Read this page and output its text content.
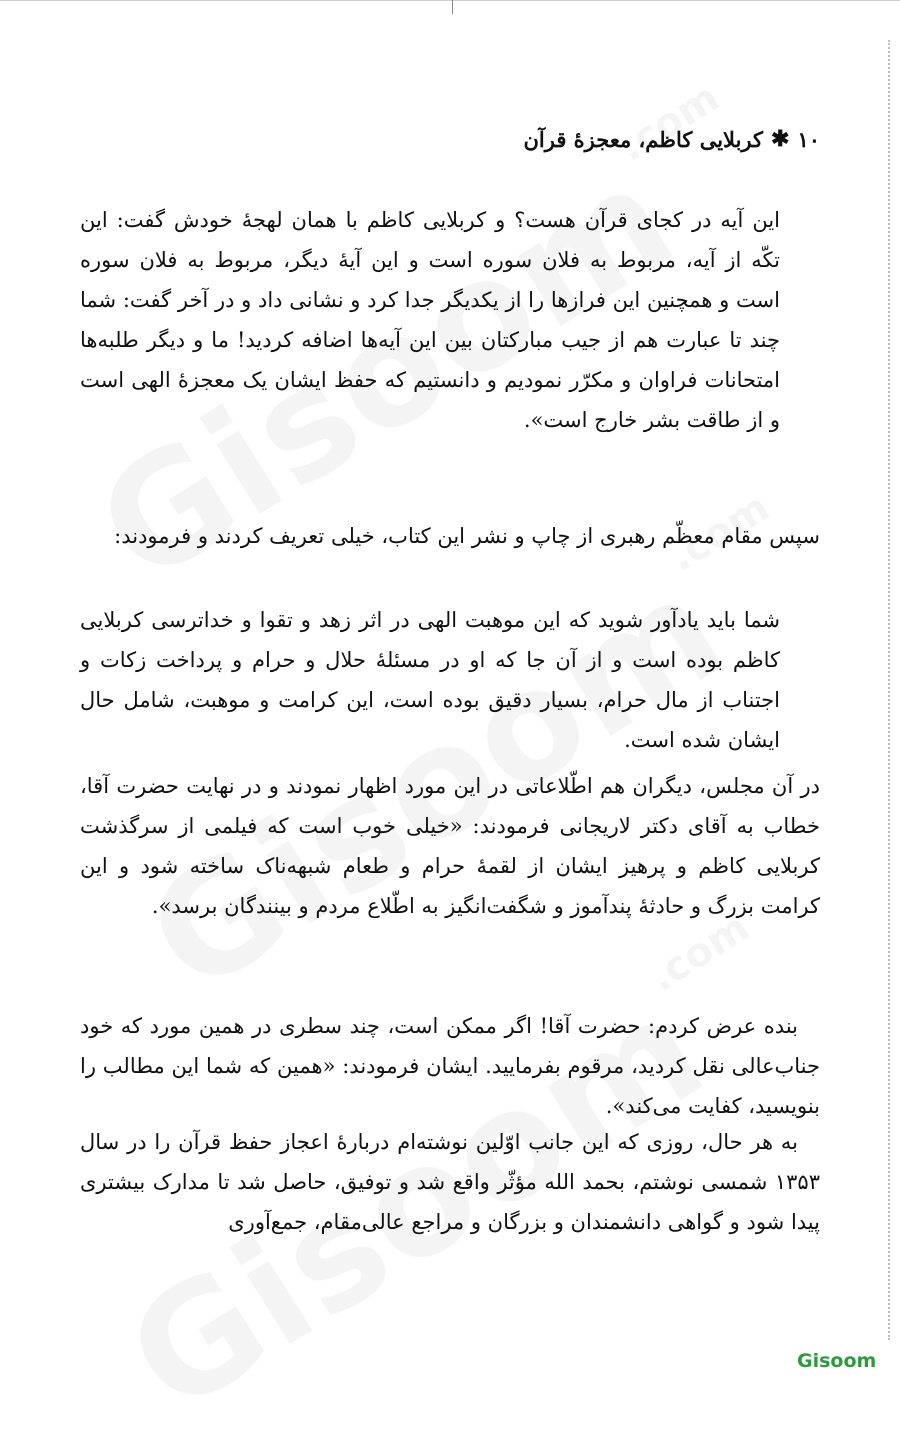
۱۰
✱
کربلایی کاظم، معجزهٔ قرآن
این آیه در کجای قرآن هست؟ و کربلایی کاظم با همان لهجهٔ خودش گفت: این تکّه از آیه، مربوط به فلان سوره است و این آیهٔ دیگر، مربوط به فلان سوره است و همچنین این فرازها را از یکدیگر جدا کرد و نشانی داد و در آخر گفت: شما چند تا عبارت هم از جیب مبارکتان بین این آیه‌ها اضافه کردید! ما و دیگر طلبه‌ها امتحانات فراوان و مکرّر نمودیم و دانستیم که حفظ ایشان یک معجزهٔ الهی است و از طاقت بشر خارج است».
سپس مقام معظّم رهبری از چاپ و نشر این کتاب، خیلی تعریف کردند و فرمودند:
شما باید یادآور شوید که این موهبت الهی در اثر زهد و تقوا و خداترسی کربلایی کاظم بوده است و از آن جا که او در مسئلهٔ حلال و حرام و پرداخت زکات و اجتناب از مال حرام، بسیار دقیق بوده است، این کرامت و موهبت، شامل حال ایشان شده است.
در آن مجلس، دیگران هم اطّلاعاتی در این مورد اظهار نمودند و در نهایت حضرت آقا، خطاب به آقای دکتر لاریجانی فرمودند: «خیلی خوب است که فیلمی از سرگذشت کربلایی کاظم و پرهیز ایشان از لقمهٔ حرام و طعام شبهه‌ناک ساخته شود و این کرامت بزرگ و حادثهٔ پندآموز و شگفت‌انگیز به اطّلاع مردم و بینندگان برسد».
بنده عرض کردم: حضرت آقا! اگر ممکن است، چند سطری در همین مورد که خود جناب‌عالی نقل کردید، مرقوم بفرمایید. ایشان فرمودند: «همین که شما این مطالب را بنویسید، کفایت می‌کند».
به هر حال، روزی که این جانب اوّلین نوشته‌ام دربارهٔ اعجاز حفظ قرآن را در سال ۱۳۵۳ شمسی نوشتم، بحمد الله مؤثّر واقع شد و توفیق، حاصل شد تا مدارک بیشتری پیدا شود و گواهی دانشمندان و بزرگان و مراجع عالی‌مقام، جمع‌آوری
Gisoom
